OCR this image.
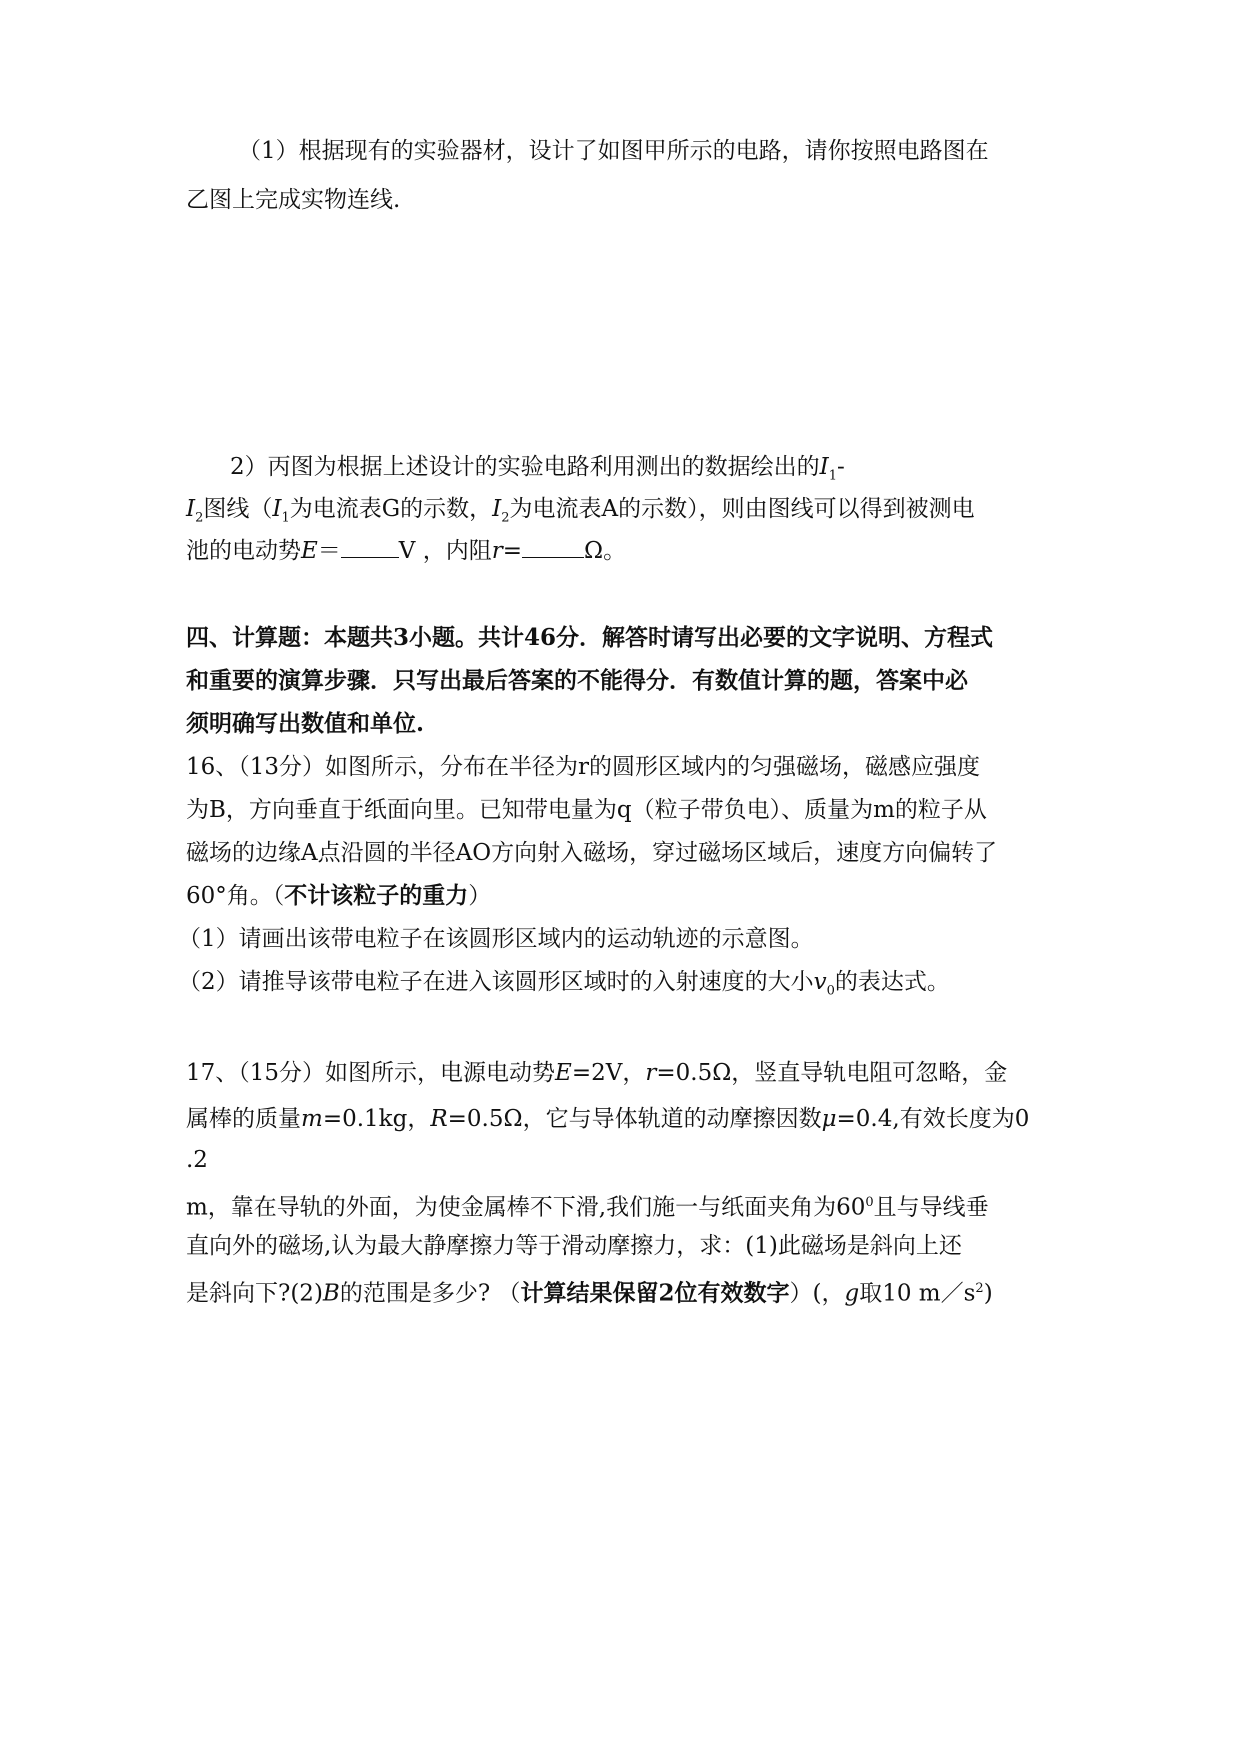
（1）根据现有的实验器材，设计了如图甲所示的电路，请你按照电路图在
乙图上完成实物连线.
2）丙图为根据上述设计的实验电路利用测出的数据绘出的$I_1-$
$I_2$图线（$I_1$为电流表G的示数，$I_2$为电流表A的示数），则由图线可以得到被测电
池的电动势E＝	V ，内阻r=	Ω。
四、计算题：本题共3小题。共计46分．解答时请写出必要的文字说明、方程式
和重要的演算步骤．只写出最后答案的不能得分．有数值计算的题，答案中必
须明确写出数值和单位.
16、（13分）如图所示，分布在半径为r的圆形区域内的匀强磁场，磁感应强度
为B，方向垂直于纸面向里。已知带电量为q（粒子带负电）、质量为m的粒子从
磁场的边缘A点沿圆的半径AO方向射入磁场，穿过磁场区域后，速度方向偏转了
60°角。（不计该粒子的重力）
（1）请画出该带电粒子在该圆形区域内的运动轨迹的示意图。
（2）请推导该带电粒子在进入该圆形区域时的入射速度的大小$v_0$的表达式。
17、（15分）如图所示，电源电动势E=2V，r=0.5Ω，竖直导轨电阻可忽略，金
属棒的质量m=0.1kg，R=0.5Ω，它与导体轨道的动摩擦因数μ=0.4,有效长度为0
.2
m，靠在导轨的外面，为使金属棒不下滑,我们施一与纸面夹角为$60^0$且与导线垂
直向外的磁场,认为最大静摩擦力等于滑动摩擦力，求：(1)此磁场是斜向上还
是斜向下?(2)B的范围是多少? （计算结果保留2位有效数字）(，g取10 $m/s^2$)
